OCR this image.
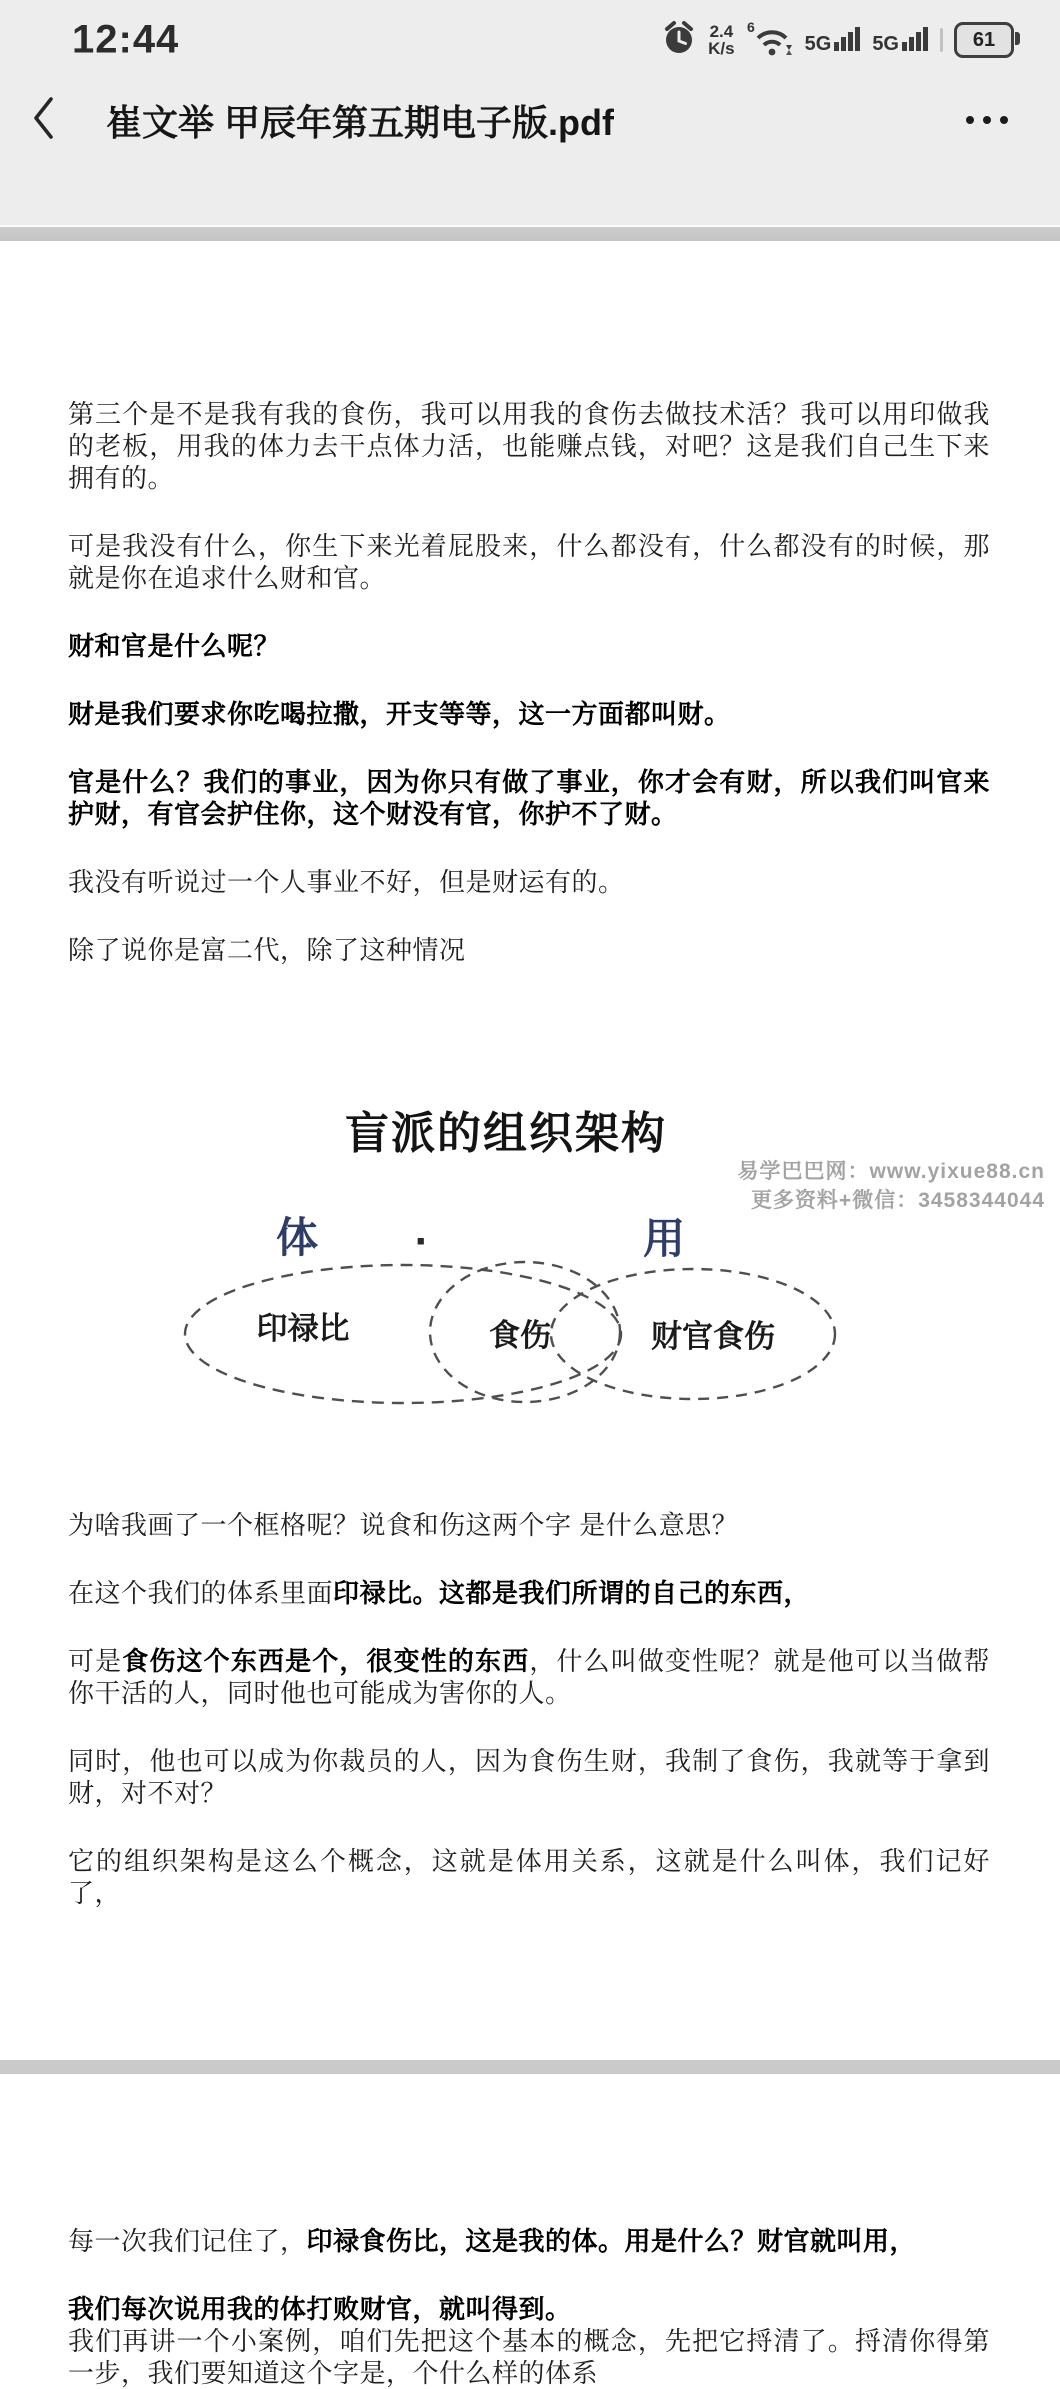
12:44	2.4
K/s
6
5G 5G	61
崔文举 甲辰年第五期电子版.pdf

第三个是不是我有我的食伤，我可以用我的食伤去做技术活？我可以用印做我的老板，用我的体力去干点体力活，也能赚点钱，对吧？这是我们自己生下来拥有的。

可是我没有什么，你生下来光着屁股来，什么都没有，什么都没有的时候，那就是你在追求什么财和官。

财和官是什么呢？

财是我们要求你吃喝拉撒，开支等等，这一方面都叫财。

官是什么？我们的事业，因为你只有做了事业，你才会有财，所以我们叫官来护财，有官会护住你，这个财没有官，你护不了财。

我没有听说过一个人事业不好，但是财运有的。

除了说你是富二代，除了这种情况

盲派的组织架构
易学巴巴网：www.yixue88.cn
更多资料+微信：3458344044
体 ·	用
印禄比	食伤	财官食伤

为啥我画了一个框格呢？说食和伤这两个字 是什么意思？

在这个我们的体系里面印禄比。这都是我们所谓的自己的东西，

可是食伤这个东西是个，很变性的东西，什么叫做变性呢？就是他可以当做帮你干活的人，同时他也可能成为害你的人。

同时，他也可以成为你裁员的人，因为食伤生财，我制了食伤，我就等于拿到财，对不对？

它的组织架构是这么个概念，这就是体用关系，这就是什么叫体，我们记好了，

每一次我们记住了，印禄食伤比，这是我的体。用是什么？财官就叫用，

我们每次说用我的体打败财官，就叫得到。

我们再讲一个小案例，咱们先把这个基本的概念，先把它捋清了。捋清你得第一步，我们要知道这个字是，个什么样的体系
